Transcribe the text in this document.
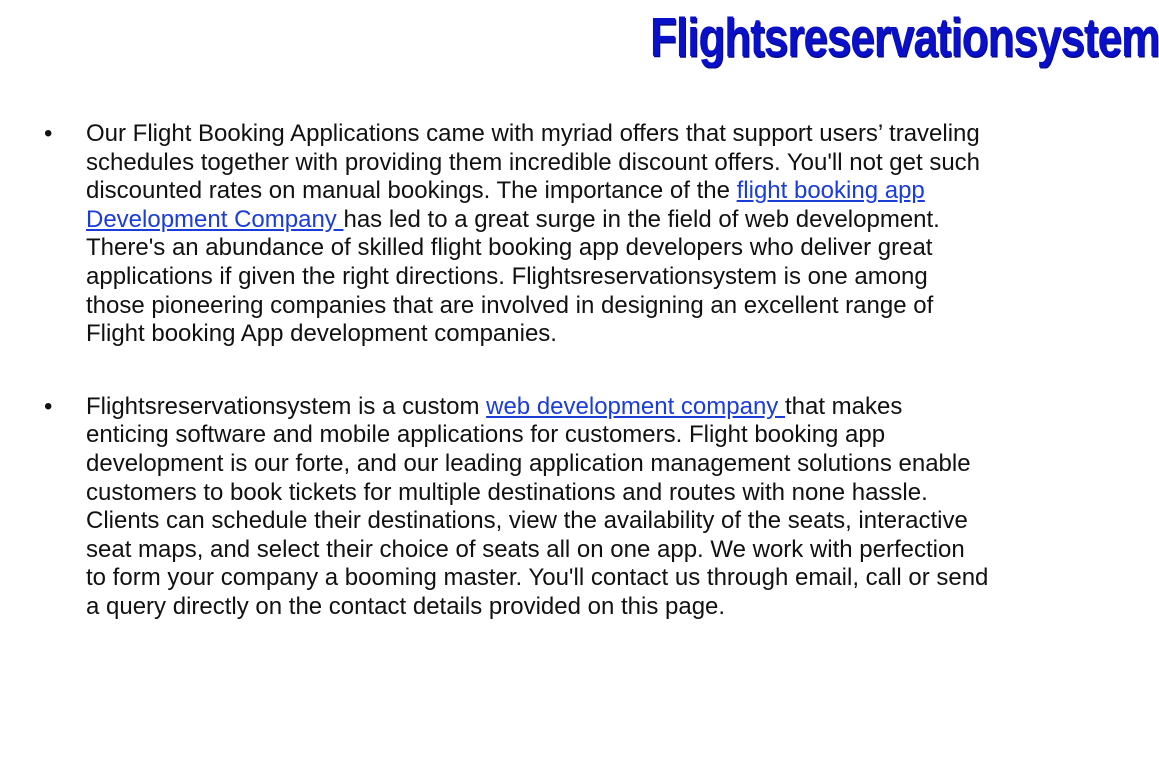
Flightsreservationsystem
•	Our Flight Booking Applications came with myriad offers that support users’ traveling schedules together with providing them incredible discount offers. You'll not get such discounted rates on manual bookings. The importance of the flight booking app Development Company has led to a great surge in the field of web development. There's an abundance of skilled flight booking app developers who deliver great applications if given the right directions. Flightsreservationsystem is one among those pioneering companies that are involved in designing an excellent range of Flight booking App development companies.
•	Flightsreservationsystem is a custom web development company that makes enticing software and mobile applications for customers. Flight booking app development is our forte, and our leading application management solutions enable customers to book tickets for multiple destinations and routes with none hassle. Clients can schedule their destinations, view the availability of the seats, interactive seat maps, and select their choice of seats all on one app. We work with perfection to form your company a booming master. You'll contact us through email, call or send a query directly on the contact details provided on this page.
